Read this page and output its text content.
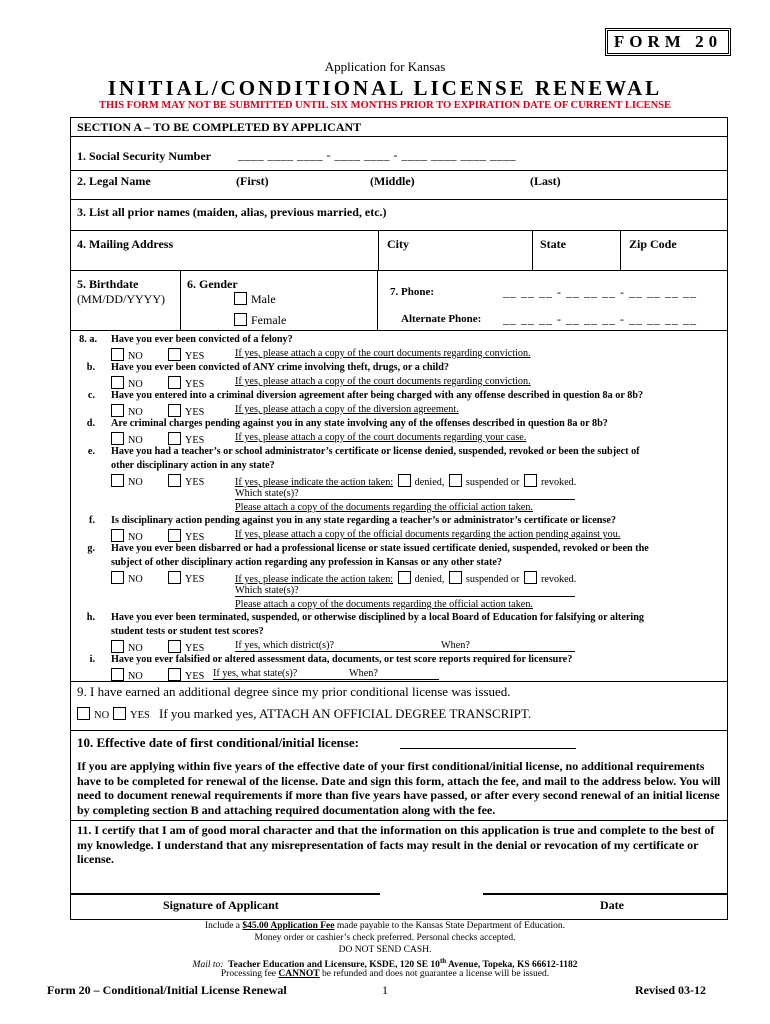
FORM 20
Application for Kansas
INITIAL/CONDITIONAL LICENSE RENEWAL
THIS FORM MAY NOT BE SUBMITTED UNTIL SIX MONTHS PRIOR TO EXPIRATION DATE OF CURRENT LICENSE
SECTION A – TO BE COMPLETED BY APPLICANT
1. Social Security Number ____ ____ ____ - ____ ____ - ____ ____ ____ ____
2. Legal Name	(First)	(Middle)	(Last)
3. List all prior names (maiden, alias, previous married, etc.)
4. Mailing Address	City	State	Zip Code
5. Birthdate
(MM/DD/YYYY)
6. Gender
Male
Female
7. Phone:	__ __ __ - __ __ __ - __ __ __ __
Alternate Phone: __ __ __ - __ __ __ - __ __ __ __
8. a. Have you ever been convicted of a felony?
NO	YES	If yes, please attach a copy of the court documents regarding conviction.
b. Have you ever been convicted of ANY crime involving theft, drugs, or a child?
NO	YES	If yes, please attach a copy of the court documents regarding conviction.
c. Have you entered into a criminal diversion agreement after being charged with any offense described in question 8a or 8b?
NO	YES	If yes, please attach a copy of the diversion agreement.
d. Are criminal charges pending against you in any state involving any of the offenses described in question 8a or 8b?
NO	YES	If yes, please attach a copy of the court documents regarding your case.
e. Have you had a teacher’s or school administrator’s certificate or license denied, suspended, revoked or been the subject of
other disciplinary action in any state?
NO	YES	If yes, please indicate the action taken: denied, suspended or revoked.
Which state(s)?
Please attach a copy of the documents regarding the official action taken.
f. Is disciplinary action pending against you in any state regarding a teacher’s or administrator’s certificate or license?
NO	YES	If yes, please attach a copy of the official documents regarding the action pending against you.
g. Have you ever been disbarred or had a professional license or state issued certificate denied, suspended, revoked or been the
subject of other disciplinary action regarding any profession in Kansas or any other state?
NO	YES	If yes, please indicate the action taken: denied, suspended or revoked.
Which state(s)?
Please attach a copy of the documents regarding the official action taken.
h. Have you ever been terminated, suspended, or otherwise disciplined by a local Board of Education for falsifying or altering
student tests or student test scores?
NO	YES	If yes, which district(s)?	When?
i. Have you ever falsified or altered assessment data, documents, or test score reports required for licensure?
NO	YES If yes, what state(s)?	When?
9. I have earned an additional degree since my prior conditional license was issued.
NO	YES If you marked yes, ATTACH AN OFFICIAL DEGREE TRANSCRIPT.
10. Effective date of first conditional/initial license:
If you are applying within five years of the effective date of your first conditional/initial license, no additional requirements have to be completed for renewal of the license. Date and sign this form, attach the fee, and mail to the address below. You will need to document renewal requirements if more than five years have passed, or after every second renewal of an initial license by completing section B and attaching required documentation along with the fee.
11. I certify that I am of good moral character and that the information on this application is true and complete to the best of my knowledge. I understand that any misrepresentation of facts may result in the denial or revocation of my certificate or license.
Signature of Applicant	Date
Include a $45.00 Application Fee made payable to the Kansas State Department of Education.
Money order or cashier’s check preferred. Personal checks accepted.
DO NOT SEND CASH.
Mail to: Teacher Education and Licensure, KSDE, 120 SE 10th Avenue, Topeka, KS 66612-1182
Processing fee CANNOT be refunded and does not guarantee a license will be issued.
Form 20 – Conditional/Initial License Renewal	1	Revised 03-12
